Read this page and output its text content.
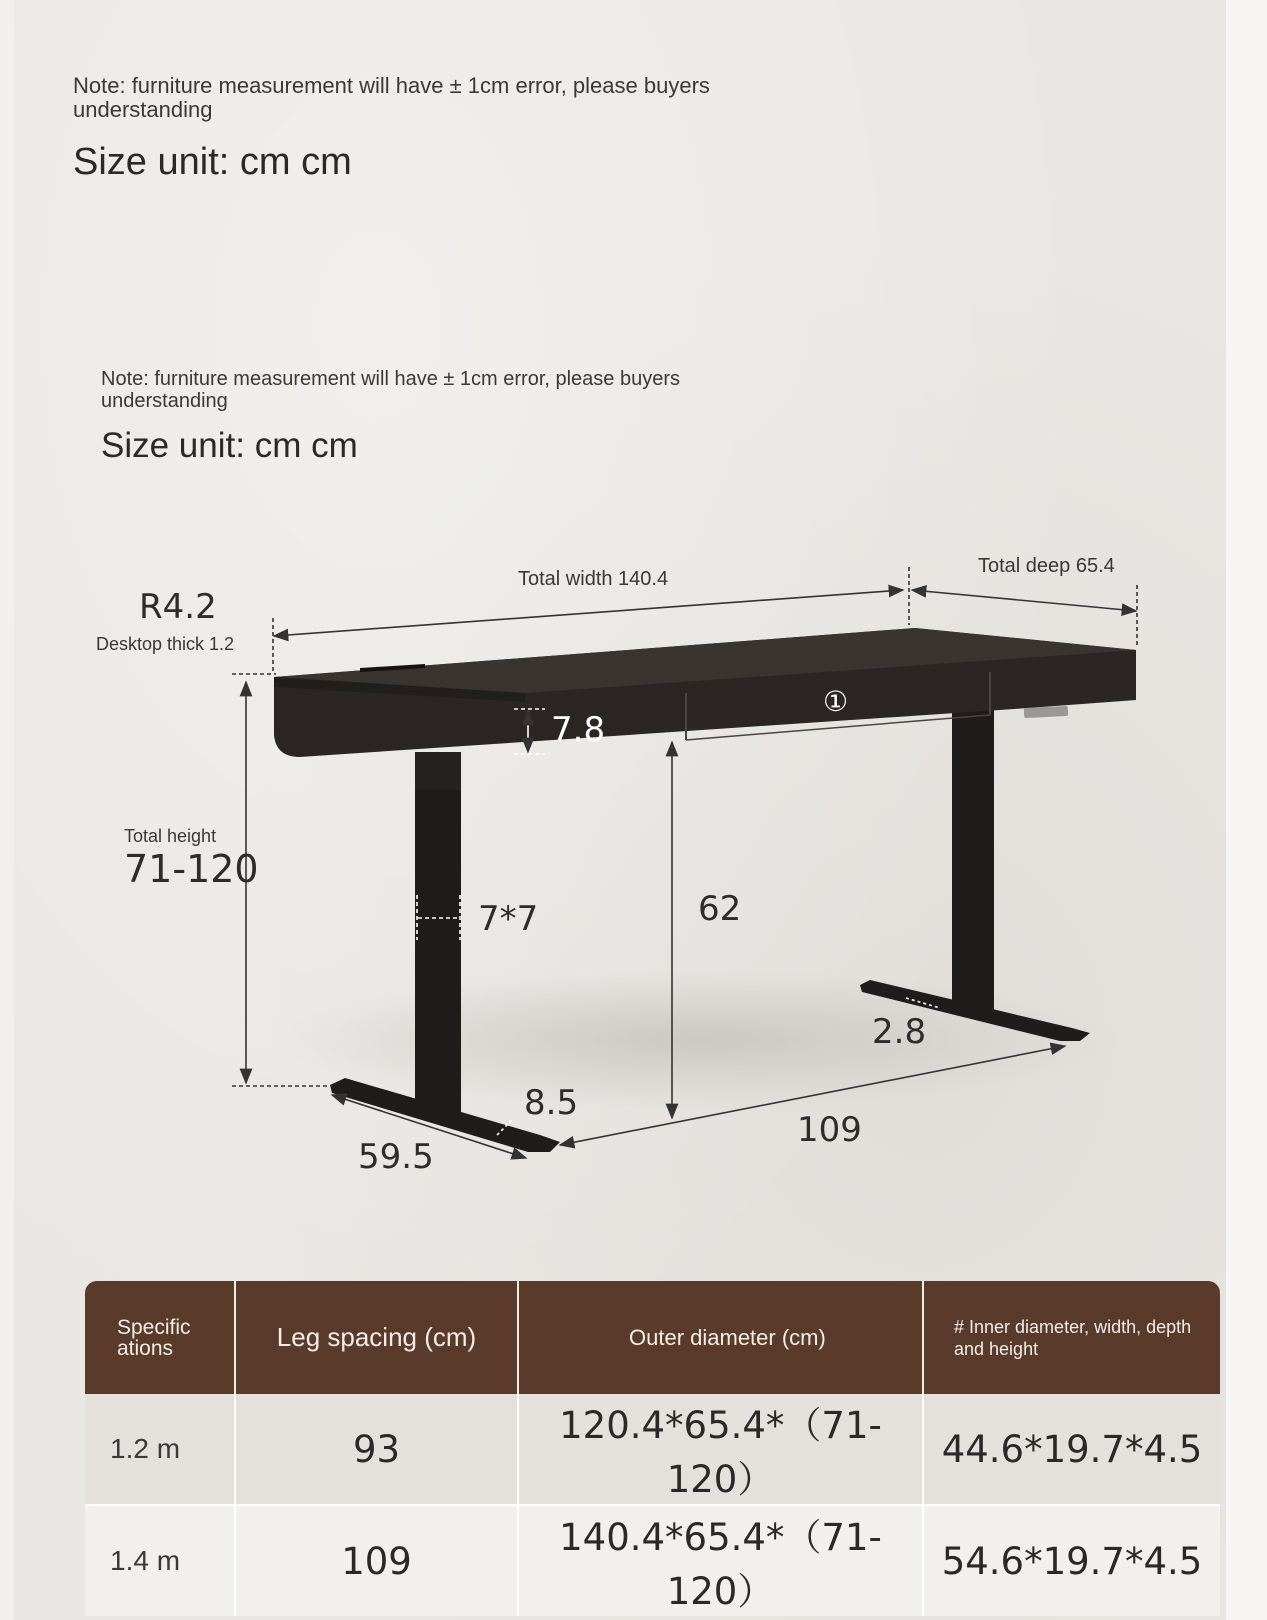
Note: furniture measurement will have ± 1cm error, please buyers understanding
Size unit: cm cm
Note: furniture measurement will have ± 1cm error, please buyers understanding
Size unit: cm cm
Total width 140.4
Total deep 65.4
R4.2
Desktop thick 1.2
7.8
①
Total height
71-120
7*7	62
2.8
8.5
109
59.5
Specific ations	Leg spacing (cm)	Outer diameter (cm)	# Inner diameter, width, depth and height
1.2 m	93	120.4*65.4*（71-120）	44.6*19.7*4.5
1.4 m	109	140.4*65.4*（71-120）	54.6*19.7*4.5
